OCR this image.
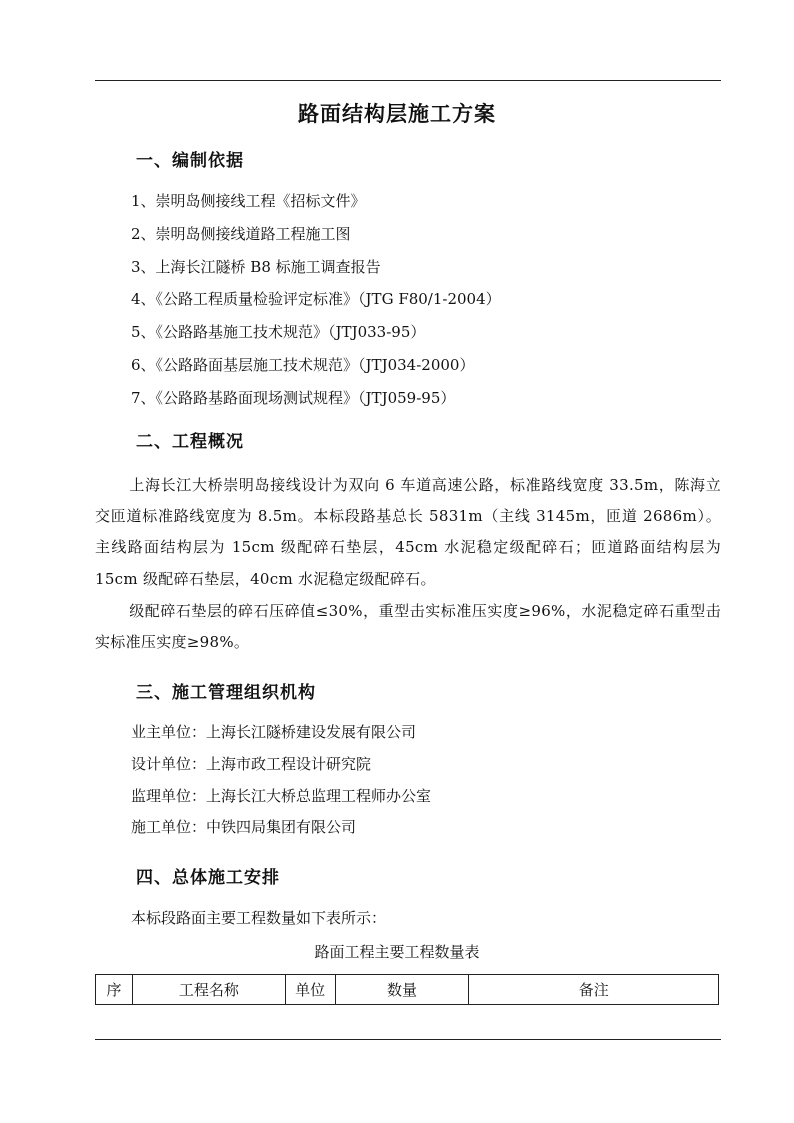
路面结构层施工方案
一、编制依据
1、崇明岛侧接线工程《招标文件》
2、崇明岛侧接线道路工程施工图
3、上海长江隧桥 B8 标施工调查报告
4、《公路工程质量检验评定标准》（JTG F80/1-2004）
5、《公路路基施工技术规范》（JTJ033-95）
6、《公路路面基层施工技术规范》（JTJ034-2000）
7、《公路路基路面现场测试规程》（JTJ059-95）
二、工程概况

上海长江大桥崇明岛接线设计为双向 6 车道高速公路，标准路线宽度 33.5m，陈海立交匝道标准路线宽度为 8.5m。本标段路基总长 5831m（主线 3145m，匝道 2686m）。主线路面结构层为 15cm 级配碎石垫层，45cm 水泥稳定级配碎石；匝道路面结构层为 15cm 级配碎石垫层，40cm 水泥稳定级配碎石。

级配碎石垫层的碎石压碎值≤30%，重型击实标准压实度≥96%，水泥稳定碎石重型击实标准压实度≥98%。

三、施工管理组织机构
业主单位：上海长江隧桥建设发展有限公司
设计单位：上海市政工程设计研究院
监理单位：上海长江大桥总监理工程师办公室
施工单位：中铁四局集团有限公司
四、总体施工安排

本标段路面主要工程数量如下表所示：

路面工程主要工程数量表

序	工程名称	单位	数量	备注
